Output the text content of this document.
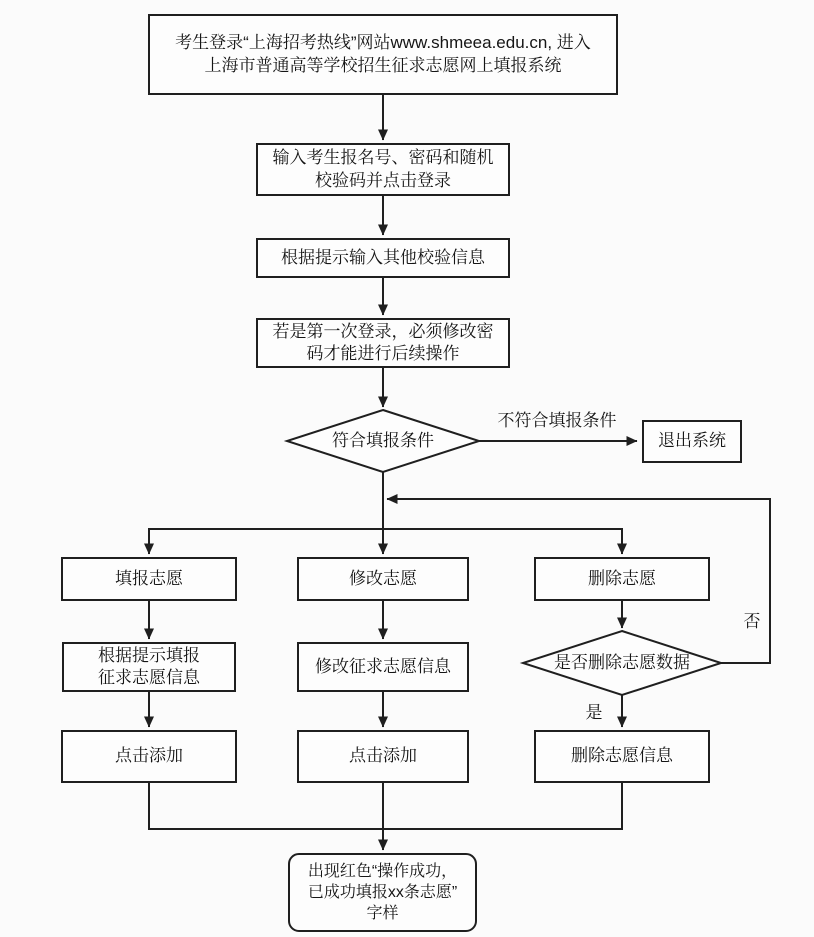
考生登录“上海招考热线”网站www.shmeea.edu.cn, 进入
上海市普通高等学校招生征求志愿网上填报系统
输入考生报名号、密码和随机
校验码并点击登录
根据提示输入其他校验信息
若是第一次登录，必须修改密
码才能进行后续操作
符合填报条件
不符合填报条件
退出系统
填报志愿	修改志愿	删除志愿
根据提示填报
征求志愿信息
修改征求志愿信息	是否删除志愿数据
否
是
点击添加	点击添加	删除志愿信息
出现红色“操作成功，
已成功填报xx条志愿”
字样
